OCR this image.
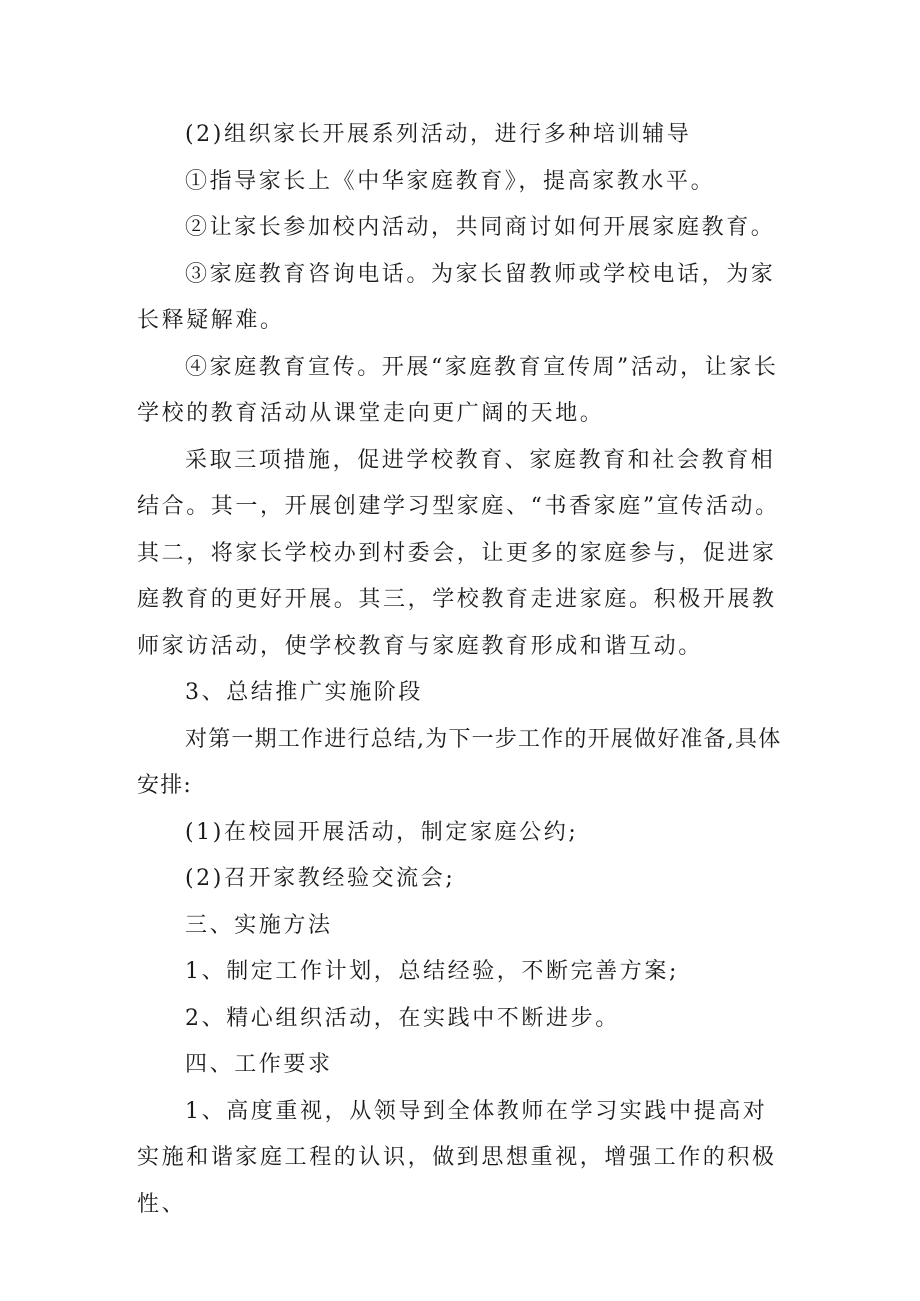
(2)组织家长开展系列活动，进行多种培训辅导

①指导家长上《中华家庭教育》，提高家教水平。

②让家长参加校内活动，共同商讨如何开展家庭教育。

③家庭教育咨询电话。为家长留教师或学校电话，为家长释疑解难。

④家庭教育宣传。开展“家庭教育宣传周”活动，让家长学校的教育活动从课堂走向更广阔的天地。

采取三项措施，促进学校教育、家庭教育和社会教育相结合。其一，开展创建学习型家庭、“书香家庭”宣传活动。其二，将家长学校办到村委会，让更多的家庭参与，促进家庭教育的更好开展。其三，学校教育走进家庭。积极开展教师家访活动，使学校教育与家庭教育形成和谐互动。

3、总结推广实施阶段

对第一期工作进行总结,为下一步工作的开展做好准备,具体安排:

(1)在校园开展活动，制定家庭公约;

(2)召开家教经验交流会;

三、实施方法

1、制定工作计划，总结经验，不断完善方案;

2、精心组织活动，在实践中不断进步。

四、工作要求

1、高度重视，从领导到全体教师在学习实践中提高对

实施和谐家庭工程的认识，做到思想重视，增强工作的积极性、
